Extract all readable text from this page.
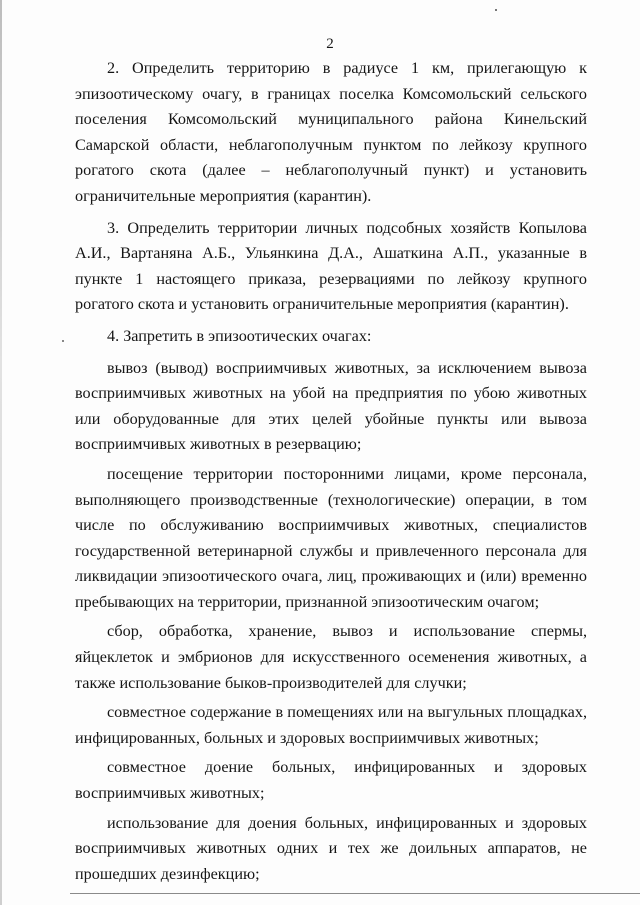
2

2. Определить территорию в радиусе 1 км, прилегающую к эпизоотическому очагу, в границах поселка Комсомольский сельского поселения Комсомольский муниципального района Кинельский Самарской области, неблагополучным пунктом по лейкозу крупного рогатого скота (далее – неблагополучный пункт) и установить ограничительные мероприятия (карантин).

3. Определить территории личных подсобных хозяйств Копылова А.И., Вартаняна А.Б., Ульянкина Д.А., Ашаткина А.П., указанные в пункте 1 настоящего приказа, резервациями по лейкозу крупного рогатого скота и установить ограничительные мероприятия (карантин).

4. Запретить в эпизоотических очагах:

вывоз (вывод) восприимчивых животных, за исключением вывоза восприимчивых животных на убой на предприятия по убою животных или оборудованные для этих целей убойные пункты или вывоза восприимчивых животных в резервацию;

посещение территории посторонними лицами, кроме персонала, выполняющего производственные (технологические) операции, в том числе по обслуживанию восприимчивых животных, специалистов государственной ветеринарной службы и привлеченного персонала для ликвидации эпизоотического очага, лиц, проживающих и (или) временно пребывающих на территории, признанной эпизоотическим очагом;

сбор, обработка, хранение, вывоз и использование спермы, яйцеклеток и эмбрионов для искусственного осеменения животных, а также использование быков-производителей для случки;

совместное содержание в помещениях или на выгульных площадках, инфицированных, больных и здоровых восприимчивых животных;

совместное доение больных, инфицированных и здоровых восприимчивых животных;

использование для доения больных, инфицированных и здоровых восприимчивых животных одних и тех же доильных аппаратов, не прошедших дезинфекцию;
